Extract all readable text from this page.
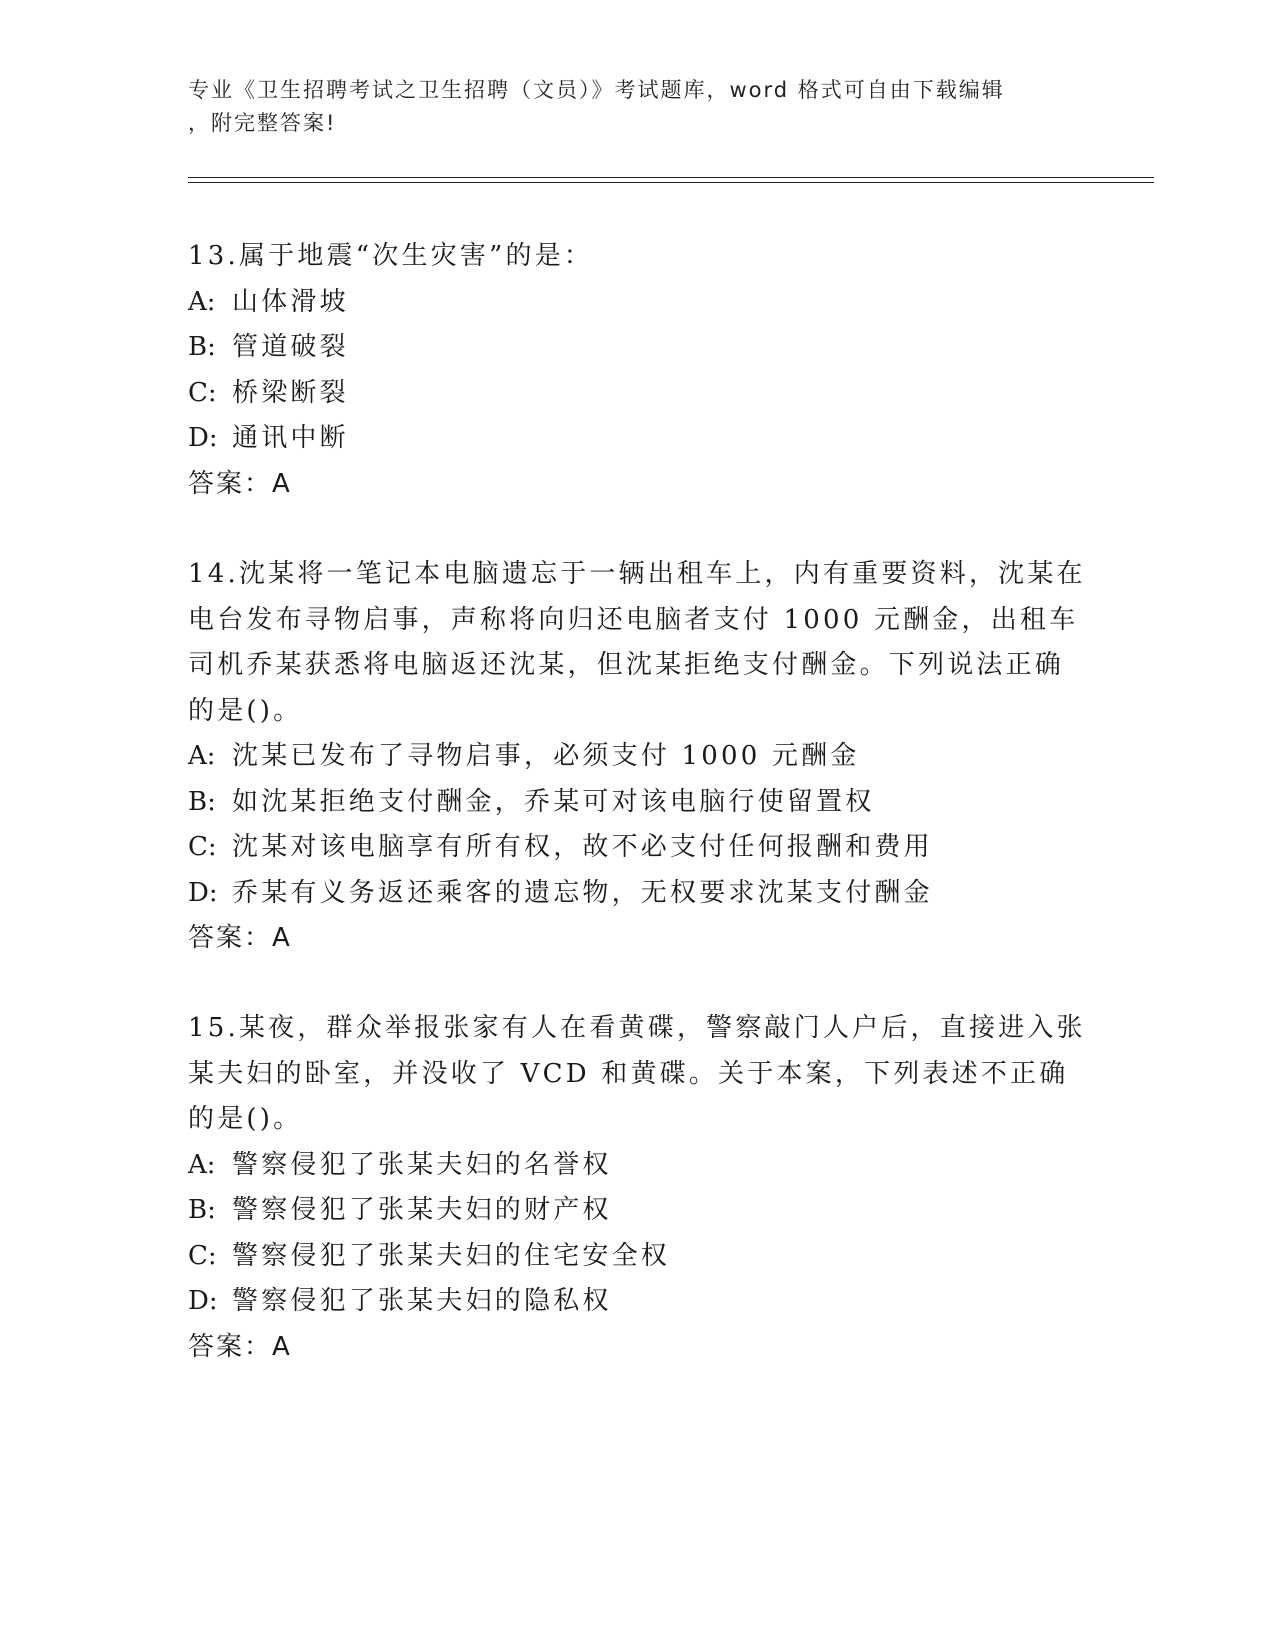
专业《卫生招聘考试之卫生招聘（文员）》考试题库，word 格式可自由下载编辑
，附完整答案!

13.属于地震“次生灾害”的是：

A: 山体滑坡

B: 管道破裂

C: 桥梁断裂

D: 通讯中断

答案：A

14.沈某将一笔记本电脑遗忘于一辆出租车上，内有重要资料，沈某在电台发布寻物启事，声称将向归还电脑者支付 1000 元酬金，出租车司机乔某获悉将电脑返还沈某，但沈某拒绝支付酬金。下列说法正确的是()。

A: 沈某已发布了寻物启事，必须支付 1000 元酬金

B: 如沈某拒绝支付酬金，乔某可对该电脑行使留置权

C: 沈某对该电脑享有所有权，故不必支付任何报酬和费用

D: 乔某有义务返还乘客的遗忘物，无权要求沈某支付酬金

答案：A

15.某夜，群众举报张家有人在看黄碟，警察敲门人户后，直接进入张某夫妇的卧室，并没收了 VCD 和黄碟。关于本案，下列表述不正确的是()。

A: 警察侵犯了张某夫妇的名誉权

B: 警察侵犯了张某夫妇的财产权

C: 警察侵犯了张某夫妇的住宅安全权

D: 警察侵犯了张某夫妇的隐私权

答案：A
